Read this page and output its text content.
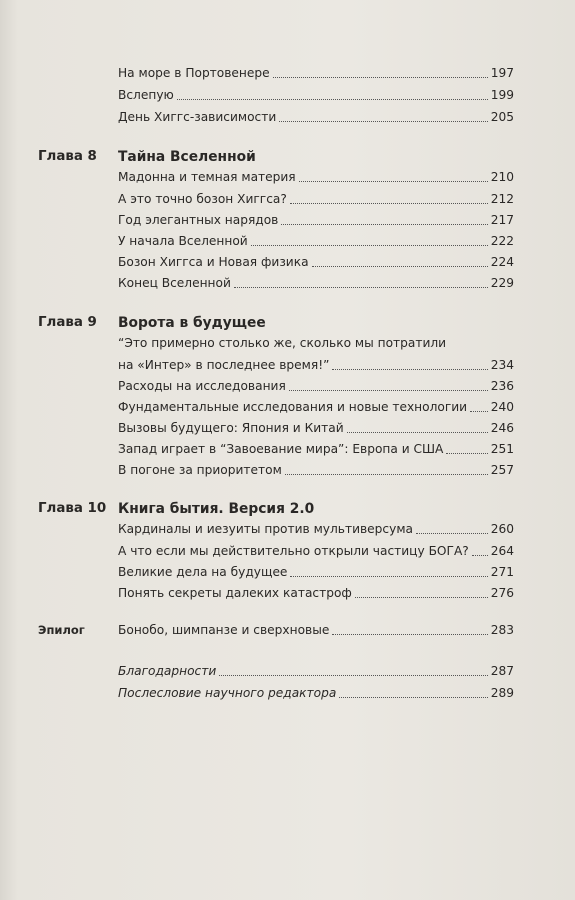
На море в Портовенере	197
Вслепую	199
День Хиггс-зависимости	205
Глава 8 Тайна Вселенной
Мадонна и темная материя	210
А это точно бозон Хиггса?	212
Год элегантных нарядов	217
У начала Вселенной	222
Бозон Хиггса и Новая физика	224
Конец Вселенной	229
Глава 9 Ворота в будущее
“Это примерно столько же, сколько мы потратили
на «Интер» в последнее время!”	234
Расходы на исследования	236
Фундаментальные исследования и новые технологии 240
Вызовы будущего: Япония и Китай	246
Запад играет в “Завоевание мира”: Европа и США	251
В погоне за приоритетом	257
Глава 10 Книга бытия. Версия 2.0
Кардиналы и иезуиты против мультиверсума	260
А что если мы действительно открыли частицу БОГА? 264
Великие дела на будущее	271
Понять секреты далеких катастроф	276
Эпилог	Бонобо, шимпанзе и сверхновые	283
Благодарности	287
Послесловие научного редактора	289
